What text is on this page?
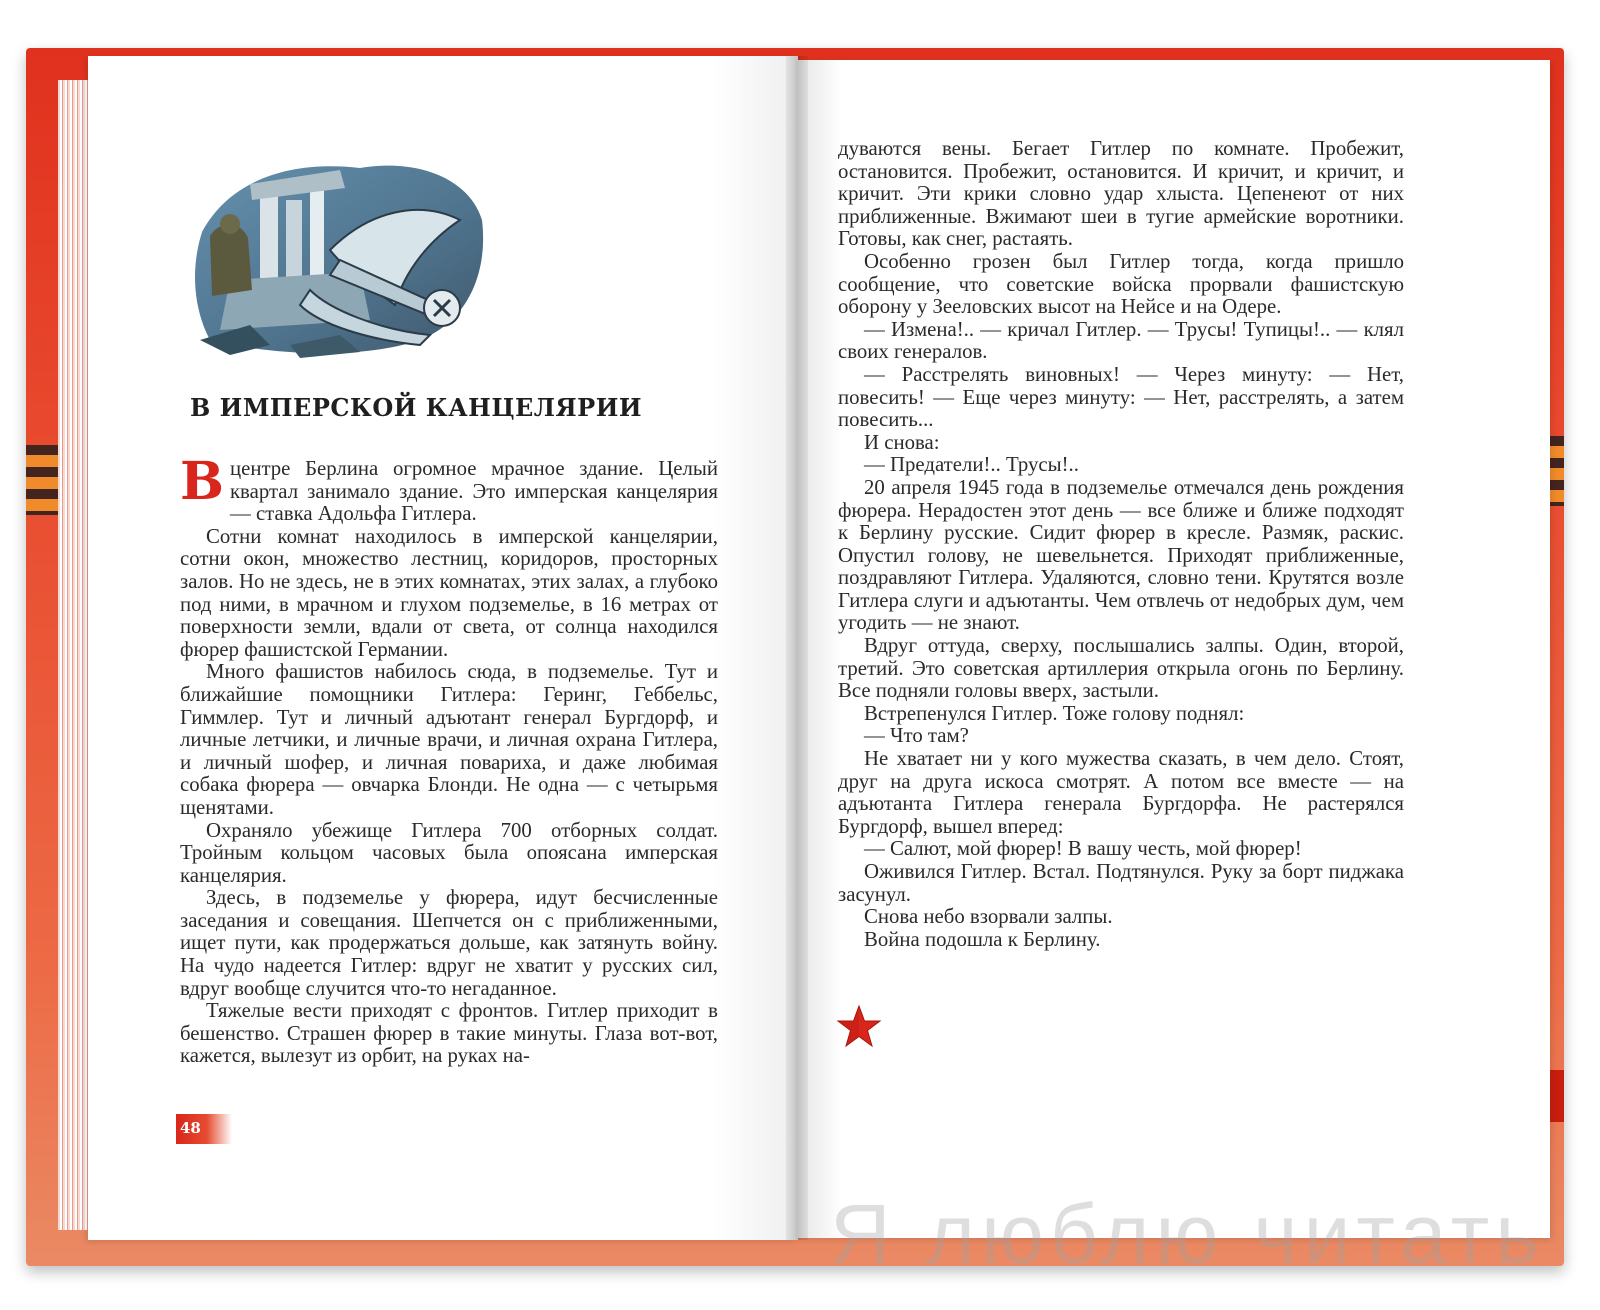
В ИМПЕРСКОЙ КАНЦЕЛЯРИИ

В центре Берлина огромное мрачное здание. Целый квартал занимало здание. Это имперская канцелярия — ставка Адольфа Гитлера.

Сотни комнат находилось в имперской канцелярии, сотни окон, множество лестниц, коридоров, просторных залов. Но не здесь, не в этих комнатах, этих залах, а глубоко под ними, в мрачном и глухом подземелье, в 16 метрах от поверхности земли, вдали от света, от солнца находился фюрер фашистской Германии.

Много фашистов набилось сюда, в подземелье. Тут и ближайшие помощники Гитлера: Геринг, Геббельс, Гиммлер. Тут и личный адъютант генерал Бургдорф, и личные летчики, и личные врачи, и личная охрана Гитлера, и личный шофер, и личная повариха, и даже любимая собака фюрера — овчарка Блонди. Не одна — с четырьмя щенятами.

Охраняло убежище Гитлера 700 отборных солдат. Тройным кольцом часовых была опоясана имперская канцелярия.

Здесь, в подземелье у фюрера, идут бесчисленные заседания и совещания. Шепчется он с приближенными, ищет пути, как продержаться дольше, как затянуть войну. На чудо надеется Гитлер: вдруг не хватит у русских сил, вдруг вообще случится что-то негаданное.

Тяжелые вести приходят с фронтов. Гитлер приходит в бешенство. Страшен фюрер в такие минуты. Глаза вот-вот, кажется, вылезут из орбит, на руках на-

48

дуваются вены. Бегает Гитлер по комнате. Пробежит, остановится. Пробежит, остановится. И кричит, и кричит, и кричит. Эти крики словно удар хлыста. Цепенеют от них приближенные. Вжимают шеи в тугие армейские воротники. Готовы, как снег, растаять.

Особенно грозен был Гитлер тогда, когда пришло сообщение, что советские войска прорвали фашистскую оборону у Зееловских высот на Нейсе и на Одере.

— Измена!.. — кричал Гитлер. — Трусы! Тупицы!.. — клял своих генералов.

— Расстрелять виновных! — Через минуту: — Нет, повесить! — Еще через минуту: — Нет, расстрелять, а затем повесить...

И снова:

— Предатели!.. Трусы!..

20 апреля 1945 года в подземелье отмечался день рождения фюрера. Нерадостен этот день — все ближе и ближе подходят к Берлину русские. Сидит фюрер в кресле. Размяк, раскис. Опустил голову, не шевельнется. Приходят приближенные, поздравляют Гитлера. Удаляются, словно тени. Крутятся возле Гитлера слуги и адъютанты. Чем отвлечь от недобрых дум, чем угодить — не знают.

Вдруг оттуда, сверху, послышались залпы. Один, второй, третий. Это советская артиллерия открыла огонь по Берлину. Все подняли головы вверх, застыли.

Встрепенулся Гитлер. Тоже голову поднял:

— Что там?

Не хватает ни у кого мужества сказать, в чем дело. Стоят, друг на друга искоса смотрят. А потом все вместе — на адъютанта Гитлера генерала Бургдорфа. Не растерялся Бургдорф, вышел вперед:

— Салют, мой фюрер! В вашу честь, мой фюрер!

Оживился Гитлер. Встал. Подтянулся. Руку за борт пиджака засунул.

Снова небо взорвали залпы.

Война подошла к Берлину.

Я люблю читать
